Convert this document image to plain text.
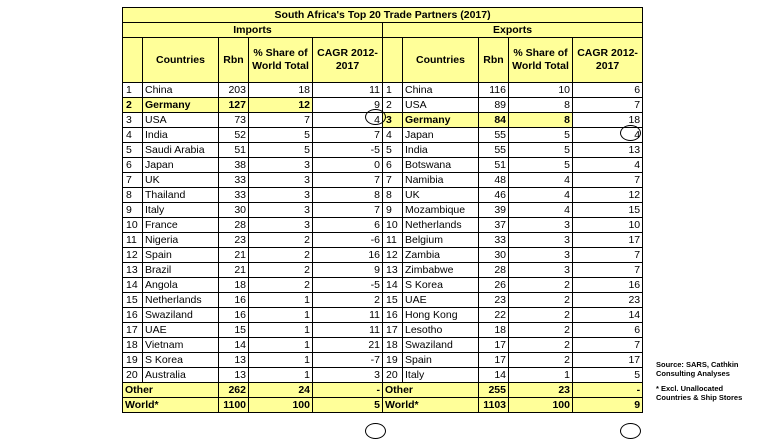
South Africa's Top 20 Trade Partners (2017)									
Imports					Exports				
	Countries	Rbn	% Share of World Total	CAGR 2012-2017		Countries	Rbn	% Share of World Total	CAGR 2012-2017
1	China	203	18	11	1	China	116	10	6
2	Germany	127	12	9	2	USA	89	8	7
3	USA	73	7	4	3	Germany	84	8	18
4	India	52	5	7	4	Japan	55	5	4
5	Saudi Arabia	51	5	-5	5	India	55	5	13
6	Japan	38	3	0	6	Botswana	51	5	4
7	UK	33	3	7	7	Namibia	48	4	7
8	Thailand	33	3	8	8	UK	46	4	12
9	Italy	30	3	7	9	Mozambique	39	4	15
10	France	28	3	6	10	Netherlands	37	3	10
11	Nigeria	23	2	-6	11	Belgium	33	3	17
12	Spain	21	2	16	12	Zambia	30	3	7
13	Brazil	21	2	9	13	Zimbabwe	28	3	7
14	Angola	18	2	-5	14	S Korea	26	2	16
15	Netherlands	16	1	2	15	UAE	23	2	23
16	Swaziland	16	1	11	16	Hong Kong	22	2	14
17	UAE	15	1	11	17	Lesotho	18	2	6
18	Vietnam	14	1	21	18	Swaziland	17	2	7
19	S Korea	13	1	-7	19	Spain	17	2	17
20	Australia	13	1	3	20	Italy	14	1	5
Other		262	24	-	Other		255	23	-
World*		1100	100	5	World*		1103	100	9
Source: SARS, Cathkin Consulting Analyses
* Excl. Unallocated Countries & Ship Stores
